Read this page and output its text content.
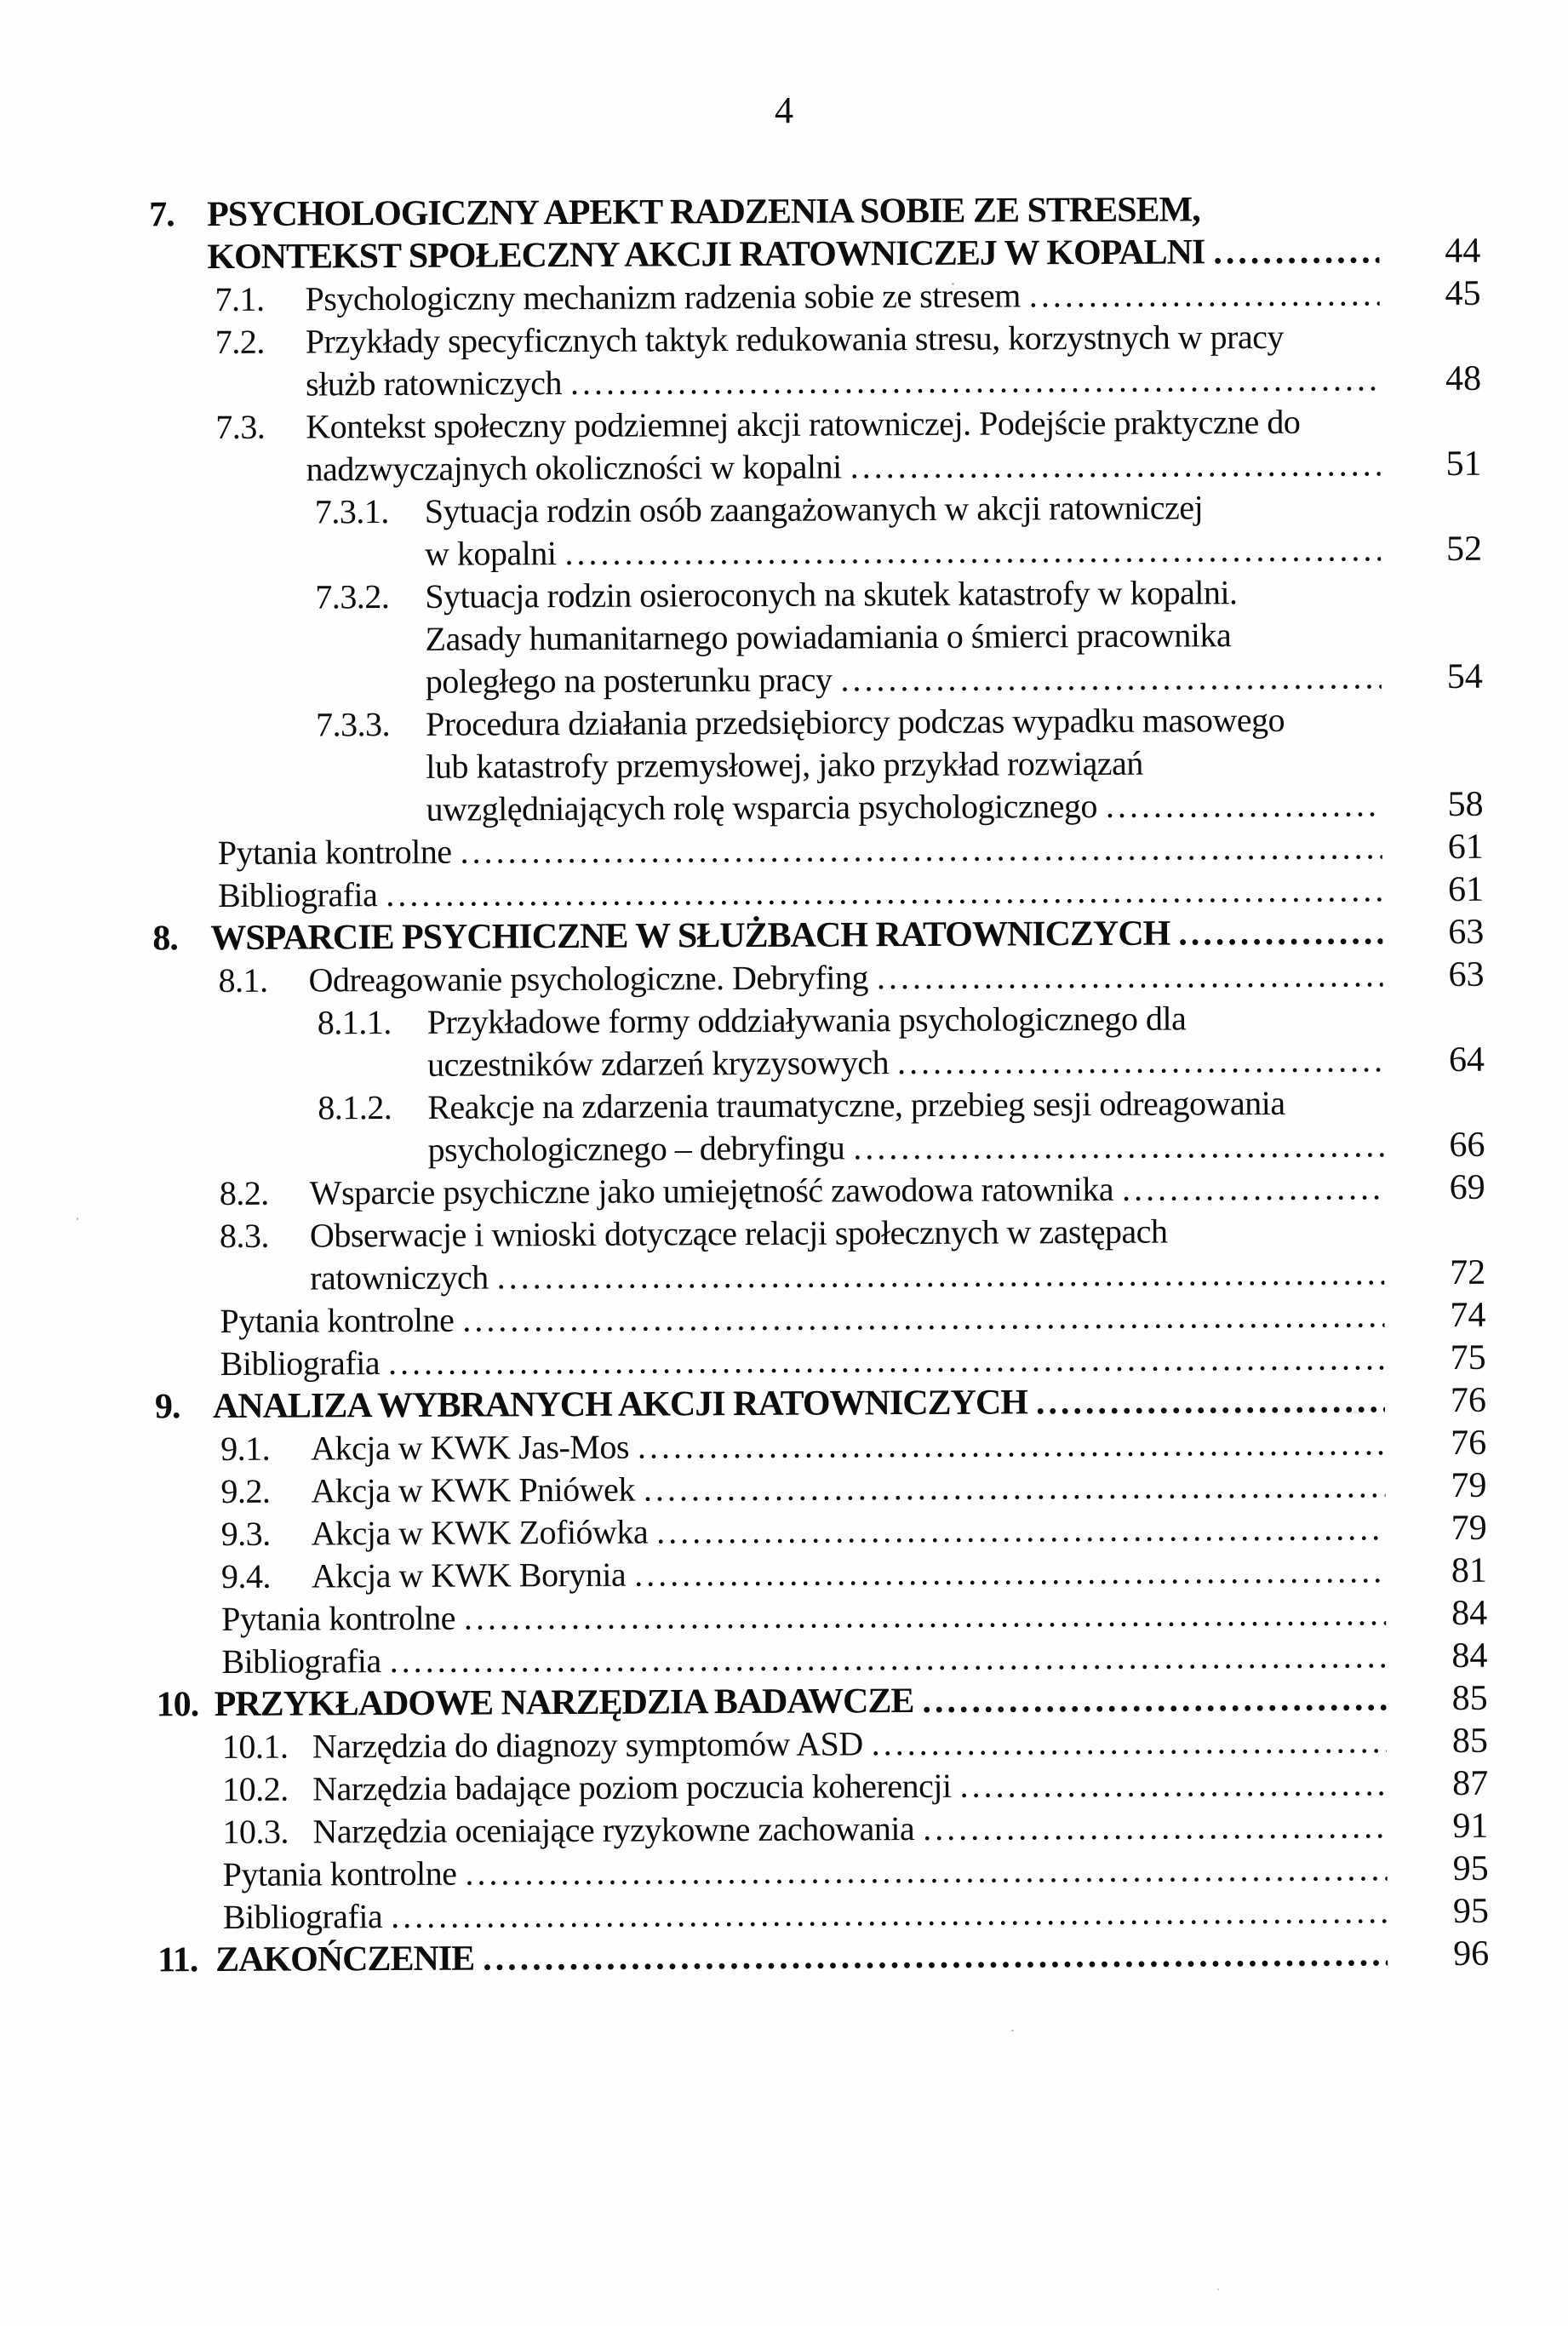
4
7. PSYCHOLOGICZNY APEKT RADZENIA SOBIE ZE STRESEM,
KONTEKST SPOŁECZNY AKCJI RATOWNICZEJ W KOPALNI .....	44
7.1.	Psychologiczny mechanizm radzenia sobie ze stresem .....	45
7.2.	Przykłady specyficznych taktyk redukowania stresu, korzystnych w pracy
służb ratowniczych .....	48
7.3.	Kontekst społeczny podziemnej akcji ratowniczej. Podejście praktyczne do
nadzwyczajnych okoliczności w kopalni .....	51
7.3.1.	Sytuacja rodzin osób zaangażowanych w akcji ratowniczej
w kopalni .....	52
7.3.2.	Sytuacja rodzin osieroconych na skutek katastrofy w kopalni.
Zasady humanitarnego powiadamiania o śmierci pracownika
poległego na posterunku pracy .....	54
7.3.3.	Procedura działania przedsiębiorcy podczas wypadku masowego
lub katastrofy przemysłowej, jako przykład rozwiązań
uwzględniających rolę wsparcia psychologicznego .....	58
Pytania kontrolne .....	61
Bibliografia .....	61
8. WSPARCIE PSYCHICZNE W SŁUŻBACH RATOWNICZYCH .....	63
8.1.	Odreagowanie psychologiczne. Debryfing .....	63
8.1.1.	Przykładowe formy oddziaływania psychologicznego dla
uczestników zdarzeń kryzysowych .....	64
8.1.2.	Reakcje na zdarzenia traumatyczne, przebieg sesji odreagowania
psychologicznego – debryfingu .....	66
8.2.	Wsparcie psychiczne jako umiejętność zawodowa ratownika .....	69
8.3.	Obserwacje i wnioski dotyczące relacji społecznych w zastępach
ratowniczych .....	72
Pytania kontrolne .....	74
Bibliografia .....	75
9. ANALIZA WYBRANYCH AKCJI RATOWNICZYCH .....	76
9.1.	Akcja w KWK Jas-Mos .....	76
9.2.	Akcja w KWK Pniówek .....	79
9.3.	Akcja w KWK Zofiówka .....	79
9.4.	Akcja w KWK Borynia .....	81
Pytania kontrolne .....	84
Bibliografia .....	84
10. PRZYKŁADOWE NARZĘDZIA BADAWCZE .....	85
10.1. Narzędzia do diagnozy symptomów ASD .....	85
10.2. Narzędzia badające poziom poczucia koherencji .....	87
10.3. Narzędzia oceniające ryzykowne zachowania .....	91
Pytania kontrolne .....	95
Bibliografia .....	95
11. ZAKOŃCZENIE .....	96
